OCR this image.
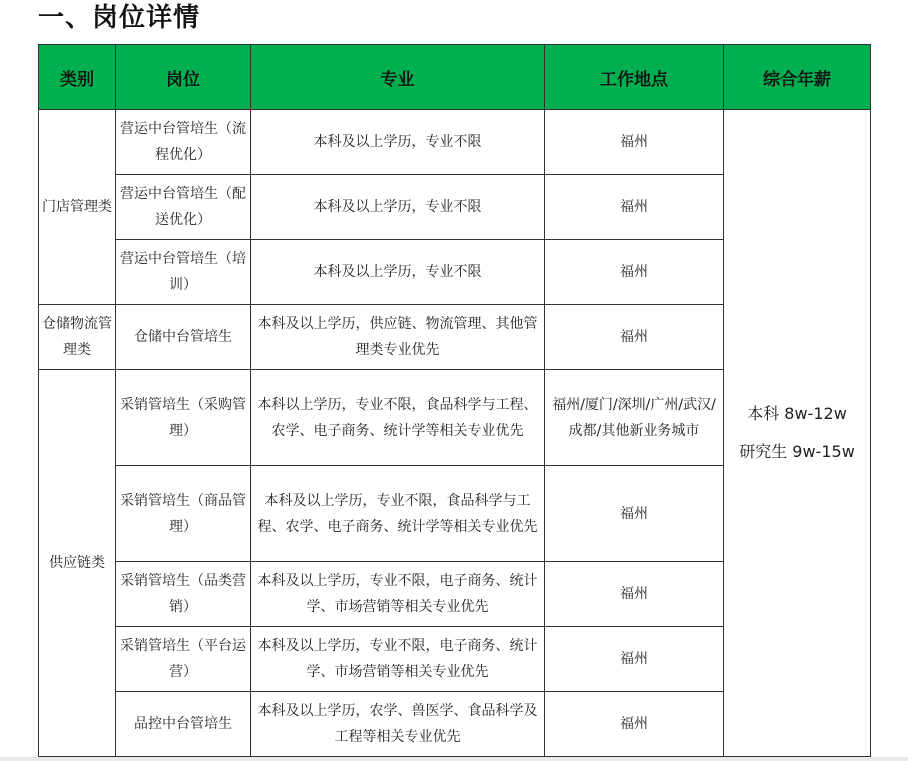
一、岗位详情
类别	岗位	专业	工作地点	综合年薪
门店管理类	营运中台管培生（流程优化）	本科及以上学历，专业不限	福州	本科 8w-12w
研究生 9w-15w

	营运中台管培生（配送优化）	本科及以上学历，专业不限	福州	
	营运中台管培生（培训）	本科及以上学历，专业不限	福州	
仓储物流管理类	仓储中台管培生	本科及以上学历，供应链、物流管理、其他管理类专业优先	福州	
供应链类	采销管培生（采购管理）	本科以上学历，专业不限，食品科学与工程、农学、电子商务、统计学等相关专业优先	福州/厦门/深圳/广州/武汉/成都/其他新业务城市	
	采销管培生（商品管理）	本科及以上学历，专业不限，食品科学与工程、农学、电子商务、统计学等相关专业优先	福州	
	采销管培生（品类营销）	本科及以上学历，专业不限，电子商务、统计学、市场营销等相关专业优先	福州	
	采销管培生（平台运营）	本科及以上学历，专业不限，电子商务、统计学、市场营销等相关专业优先	福州	
	品控中台管培生	本科及以上学历，农学、兽医学、食品科学及工程等相关专业优先	福州	
